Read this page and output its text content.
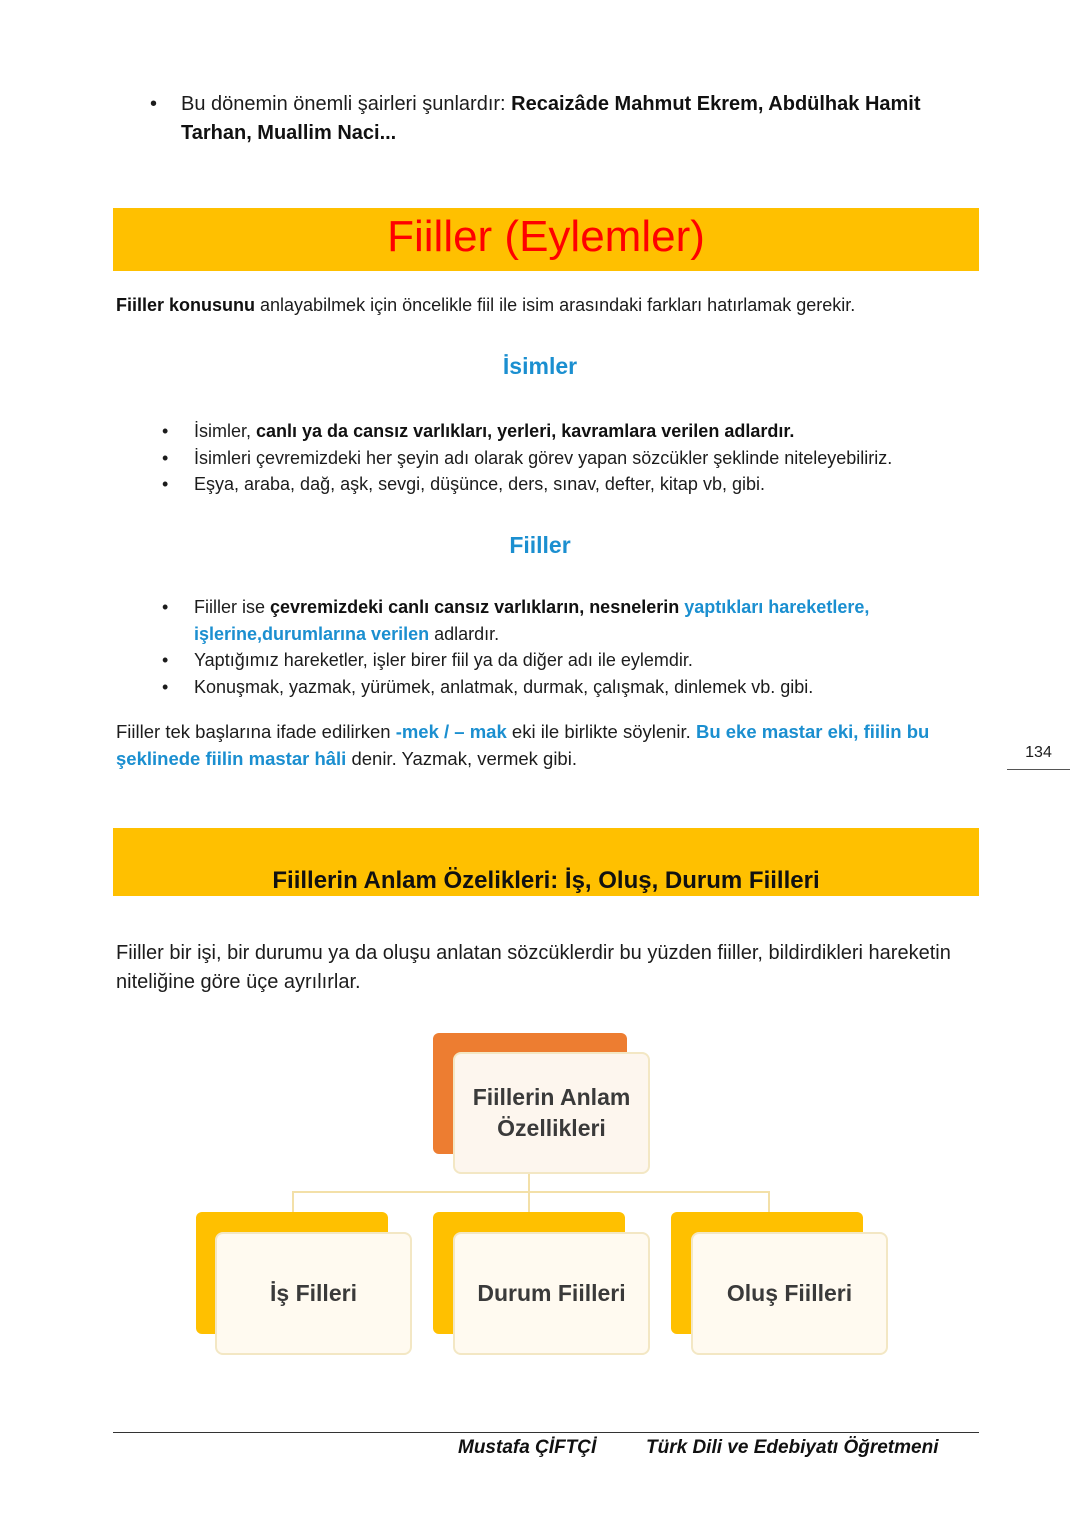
• Bu dönemin önemli şairleri şunlardır: Recaizâde Mahmut Ekrem, Abdülhak Hamit Tarhan, Muallim Naci...
Fiiller (Eylemler)
Fiiller konusunu anlayabilmek için öncelikle fiil ile isim arasındaki farkları hatırlamak gerekir.
İsimler
• İsimler, canlı ya da cansız varlıkları, yerleri, kavramlara verilen adlardır.
• İsimleri çevremizdeki her şeyin adı olarak görev yapan sözcükler şeklinde niteleyebiliriz.
• Eşya, araba, dağ, aşk, sevgi, düşünce, ders, sınav, defter, kitap vb, gibi.
Fiiller
• Fiiller ise çevremizdeki canlı cansız varlıkların, nesnelerin yaptıkları hareketlere, işlerine,durumlarına verilen adlardır.
• Yaptığımız hareketler, işler birer fiil ya da diğer adı ile eylemdir.
• Konuşmak, yazmak, yürümek, anlatmak, durmak, çalışmak, dinlemek vb. gibi.
Fiiller tek başlarına ifade edilirken -mek / – mak eki ile birlikte söylenir. Bu eke mastar eki, fiilin bu şeklinede fiilin mastar hâli denir. Yazmak, vermek gibi.	134
Fiillerin Anlam Özelikleri: İş, Oluş, Durum Fiilleri
Fiiller bir işi, bir durumu ya da oluşu anlatan sözcüklerdir bu yüzden fiiller, bildirdikleri hareketin niteliğine göre üçe ayrılırlar.
Fiillerin Anlam
Özellikleri
İş Filleri	Durum Fiilleri	Oluş Fiilleri
Mustafa ÇİFTÇİ	Türk Dili ve Edebiyatı Öğretmeni
